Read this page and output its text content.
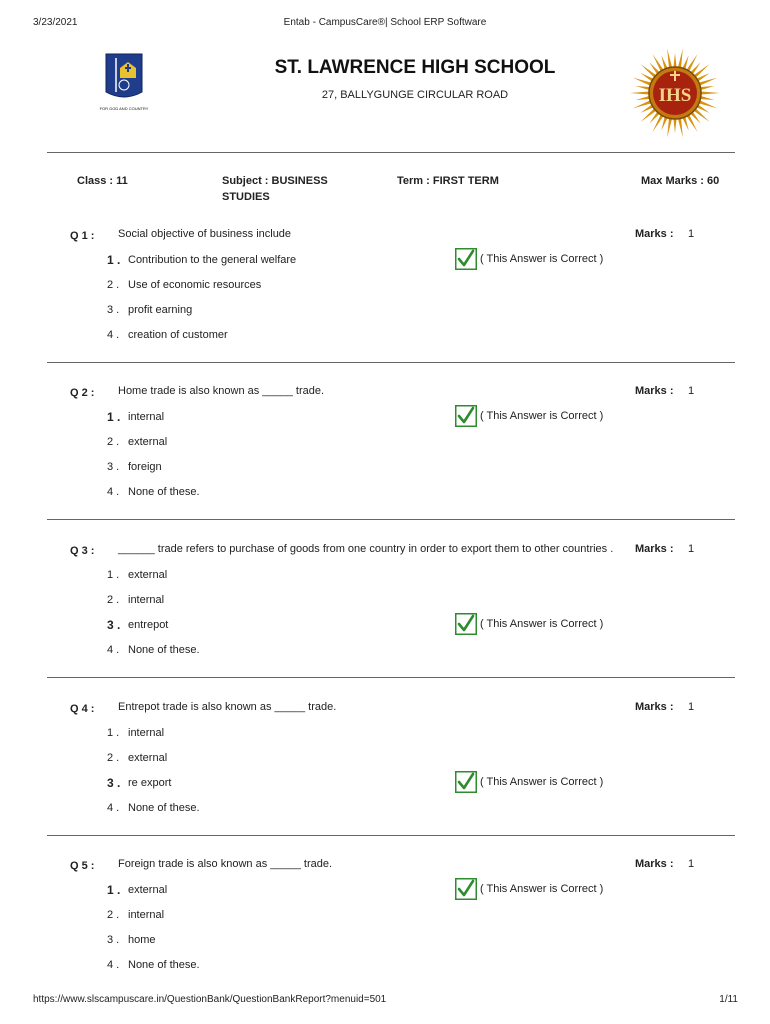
3/23/2021	Entab - CampusCare®| School ERP Software
FOR GOD AND COUNTRY
ST. LAWRENCE HIGH SCHOOL
27, BALLYGUNGE CIRCULAR ROAD	IHS
Class : 11	Subject : BUSINESS
STUDIES
Term : FIRST TERM	Max Marks : 60
Q 1 : Social objective of business include	Marks : 1
1 . Contribution to the general welfare	( This Answer is Correct )
2 . Use of economic resources
3 . profit earning
4 . creation of customer
Q 2 : Home trade is also known as _____ trade.	Marks : 1
1 . internal	( This Answer is Correct )
2 . external
3 . foreign
4 . None of these.
Q 3 : ______ trade refers to purchase of goods from one country in order to export them to other countries . Marks : 1
1 . external
2 . internal
3 . entrepot	( This Answer is Correct )
4 . None of these.
Q 4 : Entrepot trade is also known as _____ trade.	Marks : 1
1 . internal
2 . external
3 . re export	( This Answer is Correct )
4 . None of these.
Q 5 : Foreign trade is also known as _____ trade.	Marks : 1
1 . external	( This Answer is Correct )
2 . internal
3 . home
4 . None of these.
https://www.slscampuscare.in/QuestionBank/QuestionBankReport?menuid=501	1/11
